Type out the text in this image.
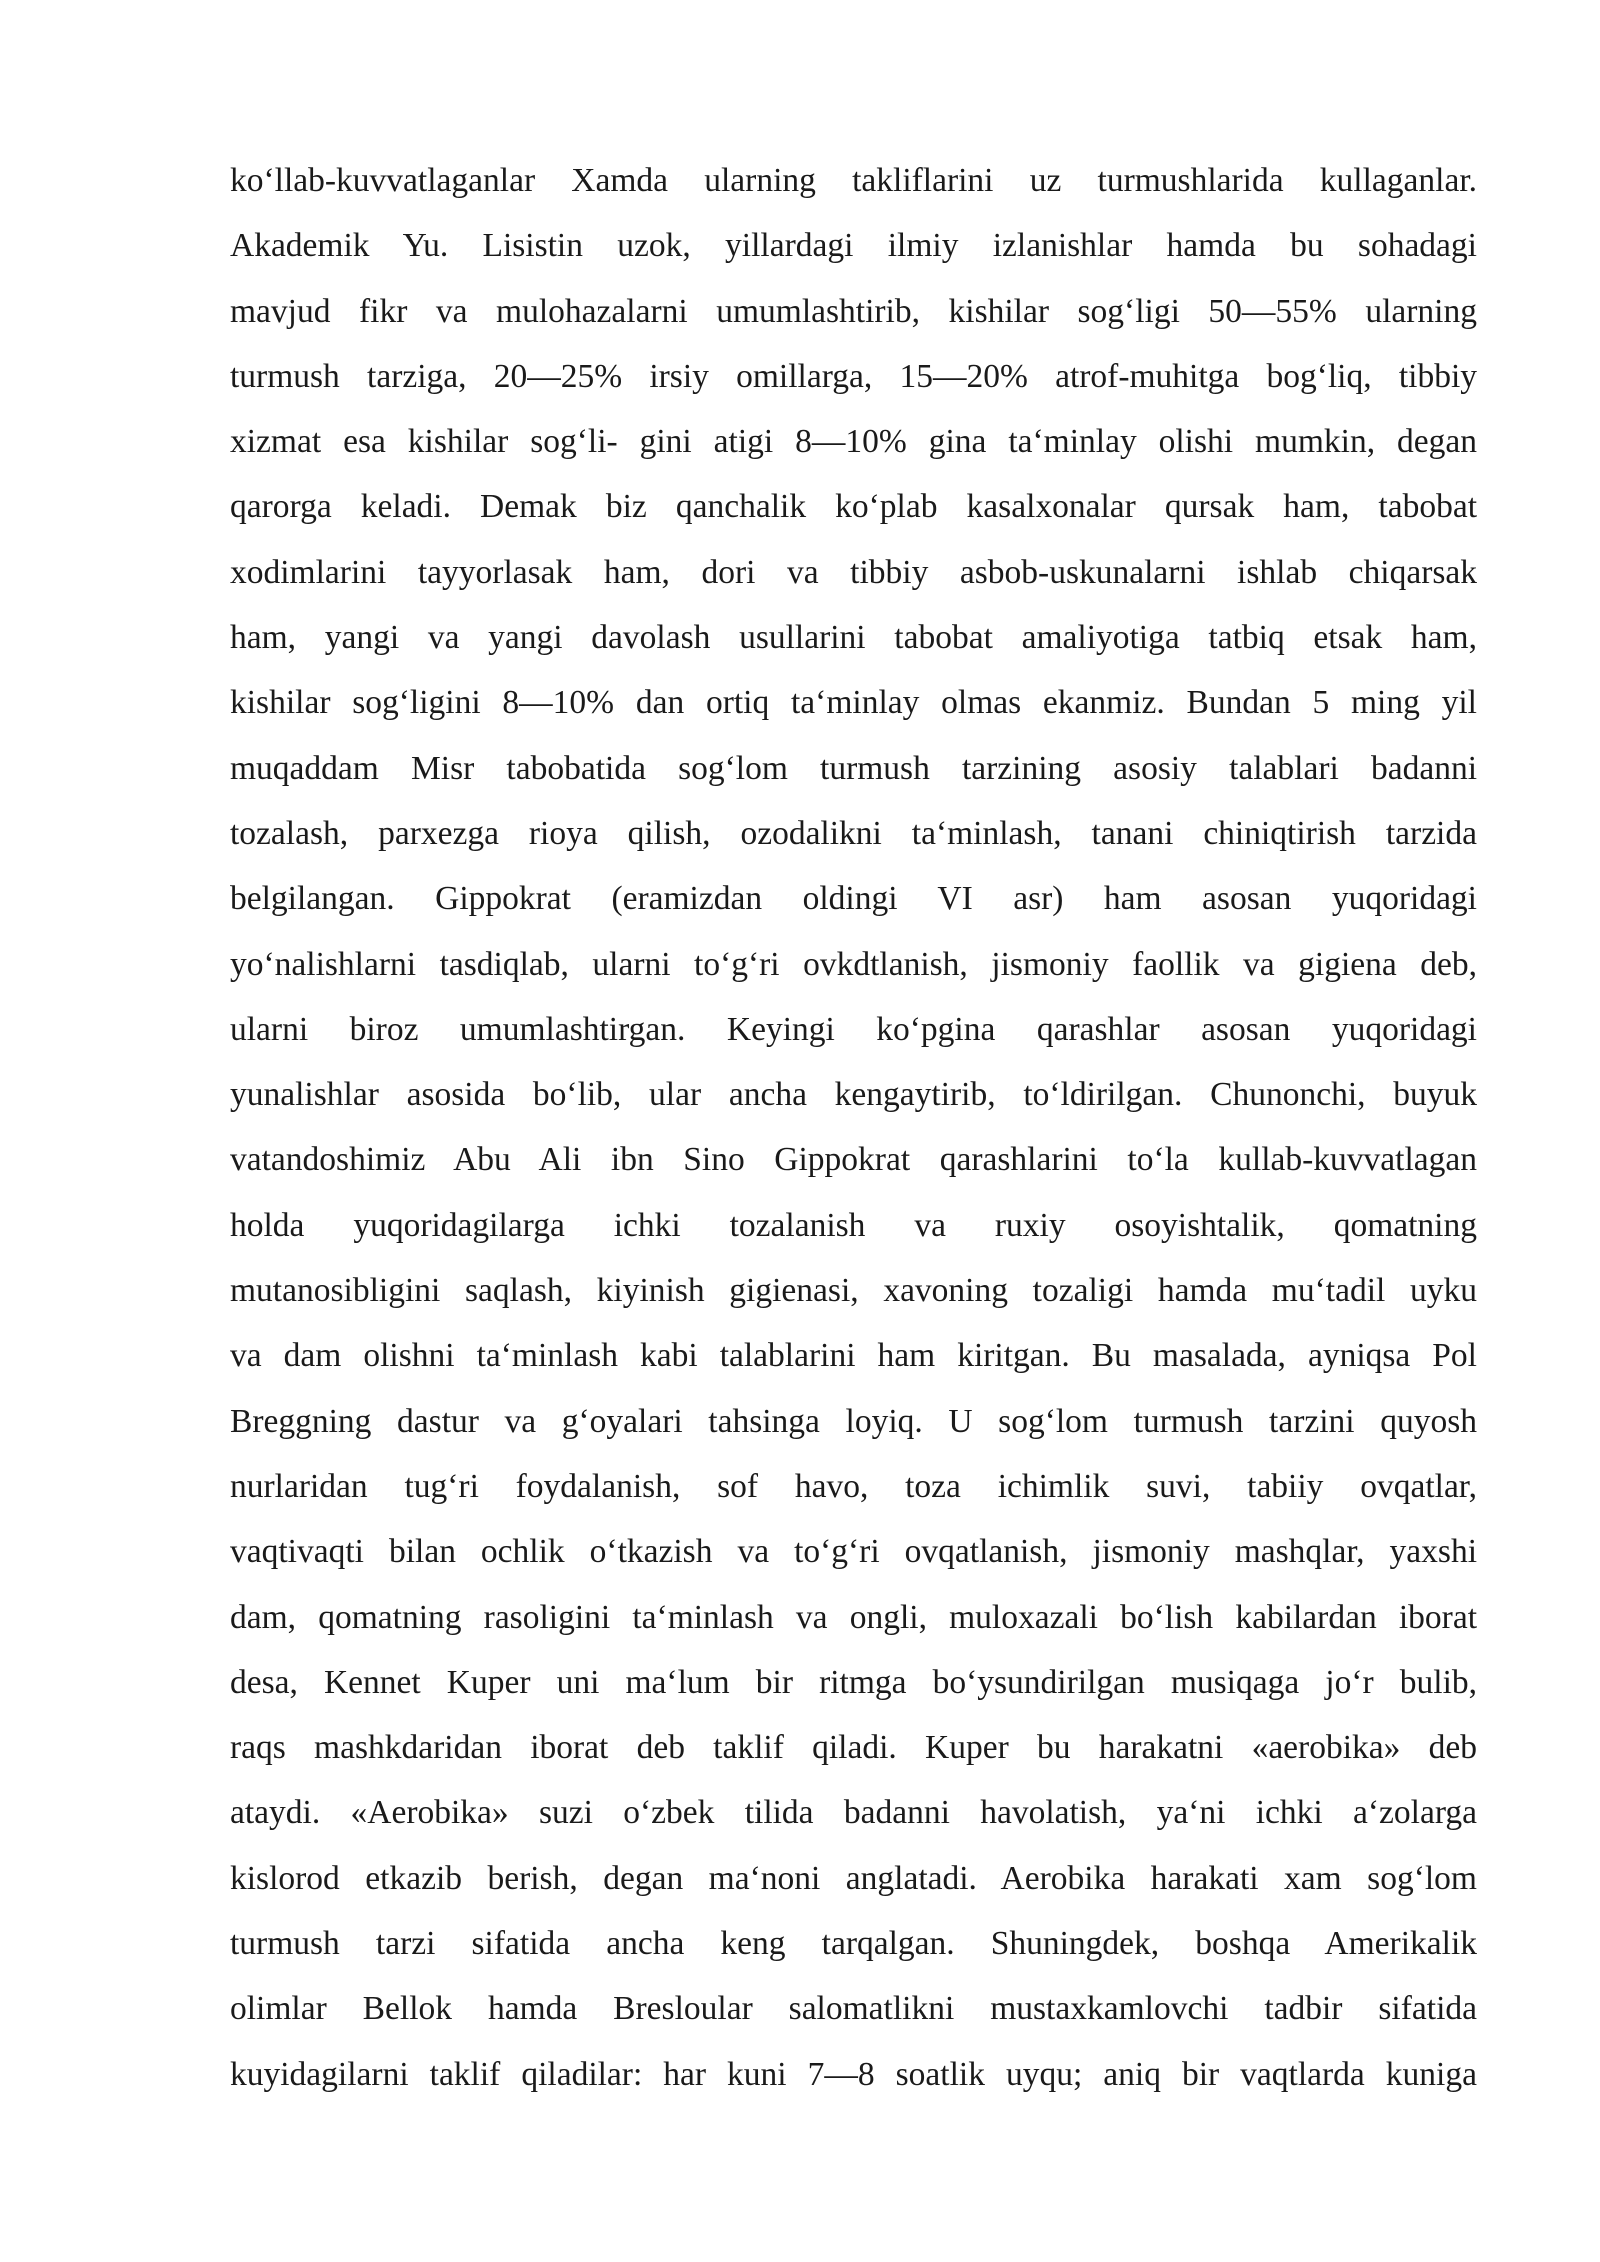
ko‘llab-kuvvatlaganlar Xamda ularning takliflarini uz turmushlarida kullaganlar.
Akademik Yu. Lisistin uzok, yillardagi ilmiy izlanishlar hamda bu sohadagi
mavjud fikr va mulohazalarni umumlashtirib, kishilar sog‘ligi 50—55% ularning
turmush tarziga, 20—25% irsiy omillarga, 15—20% atrof-muhitga bog‘liq, tibbiy
xizmat esa kishilar sog‘li- gini atigi 8—10% gina ta‘minlay olishi mumkin, degan
qarorga keladi. Demak biz qanchalik ko‘plab kasalxonalar qursak ham, tabobat
xodimlarini tayyorlasak ham, dori va tibbiy asbob-uskunalarni ishlab chiqarsak
ham, yangi va yangi davolash usullarini tabobat amaliyotiga tatbiq etsak ham,
kishilar sog‘ligini 8—10% dan ortiq ta‘minlay olmas ekanmiz. Bundan 5 ming yil
muqaddam Misr tabobatida sog‘lom turmush tarzining asosiy talablari badanni
tozalash, parxezga rioya qilish, ozodalikni ta‘minlash, tanani chiniqtirish tarzida
belgilangan. Gippokrat (eramizdan oldingi VI asr) ham asosan yuqoridagi
yo‘nalishlarni tasdiqlab, ularni to‘g‘ri ovkdtlanish, jismoniy faollik va gigiena deb,
ularni biroz umumlashtirgan. Keyingi ko‘pgina qarashlar asosan yuqoridagi
yunalishlar asosida bo‘lib, ular ancha kengaytirib, to‘ldirilgan. Chunonchi, buyuk
vatandoshimiz Abu Ali ibn Sino Gippokrat qarashlarini to‘la kullab-kuvvatlagan
holda yuqoridagilarga ichki tozalanish va ruxiy osoyishtalik, qomatning
mutanosibligini saqlash, kiyinish gigienasi, xavoning tozaligi hamda mu‘tadil uyku
va dam olishni ta‘minlash kabi talablarini ham kiritgan. Bu masalada, ayniqsa Pol
Breggning dastur va g‘oyalari tahsinga loyiq. U sog‘lom turmush tarzini quyosh
nurlaridan tug‘ri foydalanish, sof havo, toza ichimlik suvi, tabiiy ovqatlar,
vaqtivaqti bilan ochlik o‘tkazish va to‘g‘ri ovqatlanish, jismoniy mashqlar, yaxshi
dam, qomatning rasoligini ta‘minlash va ongli, muloxazali bo‘lish kabilardan iborat
desa, Kennet Kuper uni ma‘lum bir ritmga bo‘ysundirilgan musiqaga jo‘r bulib,
raqs mashkdaridan iborat deb taklif qiladi. Kuper bu harakatni «aerobika» deb
ataydi. «Aerobika» suzi o‘zbek tilida badanni havolatish, ya‘ni ichki a‘zolarga
kislorod etkazib berish, degan ma‘noni anglatadi. Aerobika harakati xam sog‘lom
turmush tarzi sifatida ancha keng tarqalgan. Shuningdek, boshqa Amerikalik
olimlar Bellok hamda Bresloular salomatlikni mustaxkamlovchi tadbir sifatida
kuyidagilarni taklif qiladilar: har kuni 7—8 soatlik uyqu; aniq bir vaqtlarda kuniga
